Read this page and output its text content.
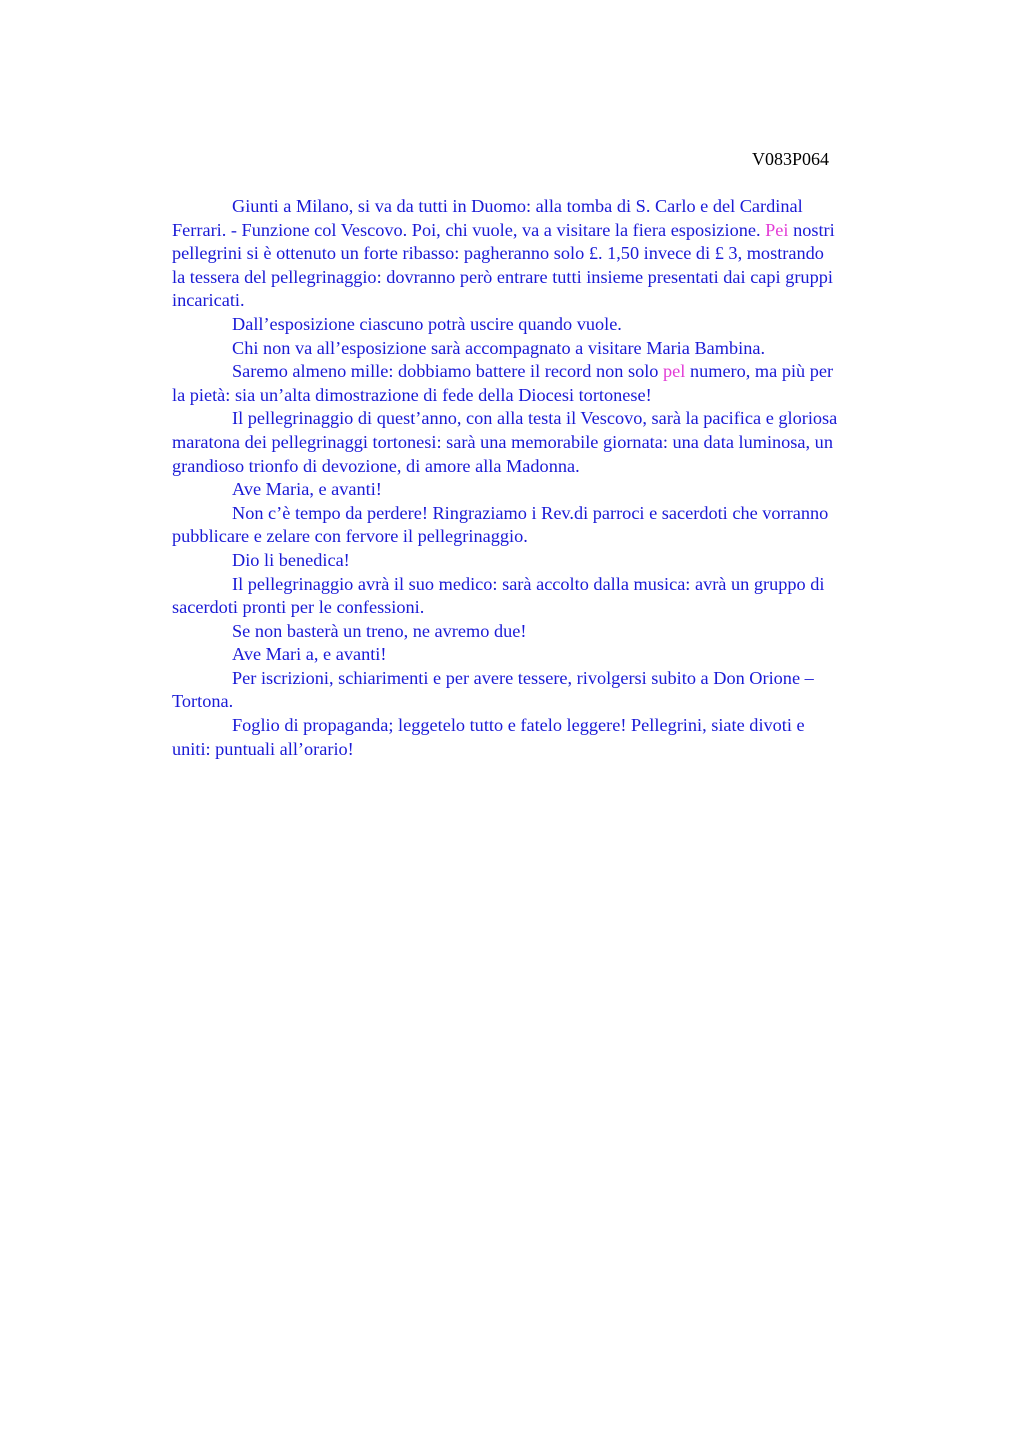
V083P064

Giunti a Milano, si va da tutti in Duomo: alla tomba di S. Carlo e del Cardinal
Ferrari. - Funzione col Vescovo. Poi, chi vuole, va a visitare la fiera esposizione. Pei nostri
pellegrini si è ottenuto un forte ribasso: pagheranno solo £. 1,50 invece di £ 3, mostrando
la tessera del pellegrinaggio: dovranno però entrare tutti insieme presentati dai capi gruppi
incaricati.

Dall’esposizione ciascuno potrà uscire quando vuole.

Chi non va all’esposizione sarà accompagnato a visitare Maria Bambina.

Saremo almeno mille: dobbiamo battere il record non solo pel numero, ma più per
la pietà: sia un’alta dimostrazione di fede della Diocesi tortonese!

Il pellegrinaggio di quest’anno, con alla testa il Vescovo, sarà la pacifica e gloriosa
maratona dei pellegrinaggi tortonesi: sarà una memorabile giornata: una data luminosa, un
grandioso trionfo di devozione, di amore alla Madonna.

Ave Maria, e avanti!

Non c’è tempo da perdere! Ringraziamo i Rev.di parroci e sacerdoti che vorranno
pubblicare e zelare con fervore il pellegrinaggio.

Dio li benedica!

Il pellegrinaggio avrà il suo medico: sarà accolto dalla musica: avrà un gruppo di
sacerdoti pronti per le confessioni.

Se non basterà un treno, ne avremo due!

Ave Mari a, e avanti!

Per iscrizioni, schiarimenti e per avere tessere, rivolgersi subito a Don Orione –
Tortona.

Foglio di propaganda; leggetelo tutto e fatelo leggere! Pellegrini, siate divoti e
uniti: puntuali all’orario!
